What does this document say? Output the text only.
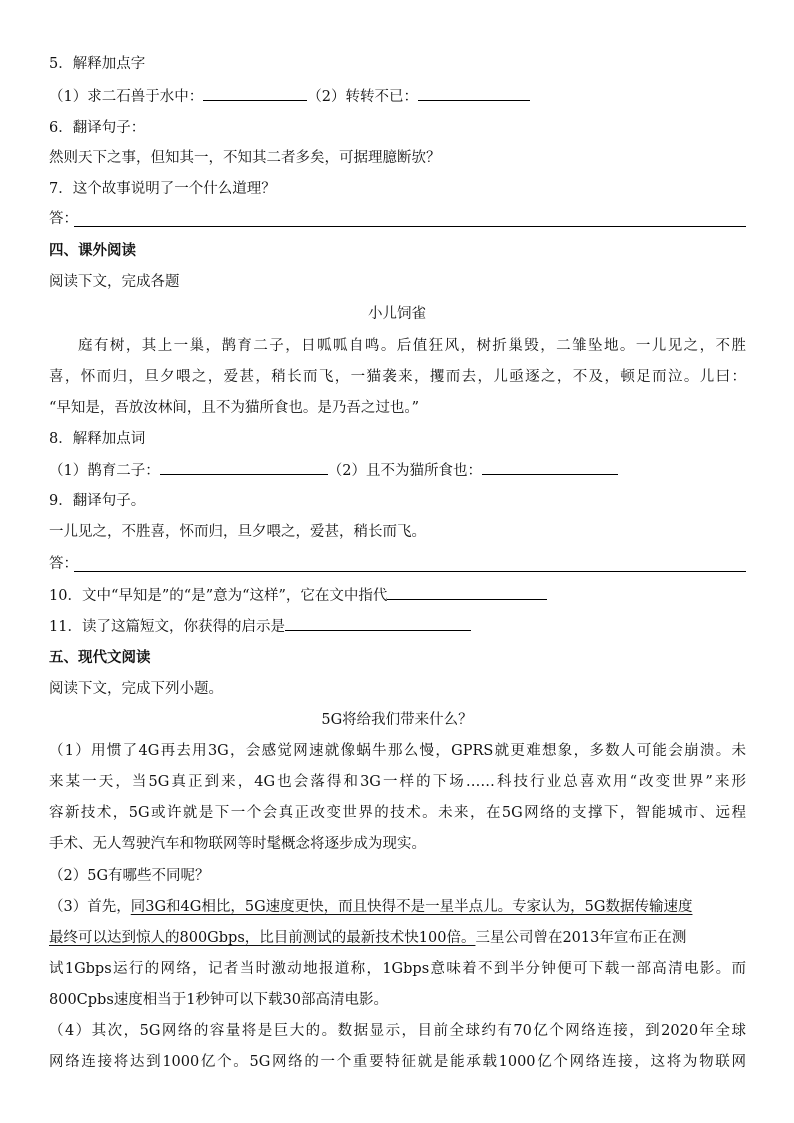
5．解释加点字
（1）求二石兽于水中：	（2）转转不已：
6．翻译句子：
然则天下之事，但知其一，不知其二者多矣，可据理臆断欤？
7．这个故事说明了一个什么道理？
答：
四、课外阅读
阅读下文，完成各题
小儿饲雀
庭有树，其上一巢，鹊育二子，日呱呱自鸣。后值狂风，树折巢毁，二雏坠地。一儿见之，不胜
喜，怀而归，旦夕喂之，爱甚，稍长而飞，一猫袭来，攫而去，儿亟逐之，不及，顿足而泣。儿曰：
“早知是，吾放汝林间，且不为猫所食也。是乃吾之过也。”
8．解释加点词
（1）鹊育二子：	（2）且不为猫所食也：
9．翻译句子。
一儿见之，不胜喜，怀而归，旦夕喂之，爱甚，稍长而飞。
答：
10．文中“早知是”的“是”意为“这样”，它在文中指代
11．读了这篇短文，你获得的启示是
五、现代文阅读
阅读下文，完成下列小题。
5G将给我们带来什么？
（1）用惯了4G再去用3G，会感觉网速就像蜗牛那么慢，GPRS就更难想象，多数人可能会崩溃。未
来某一天，当5G真正到来，4G也会落得和3G一样的下场……科技行业总喜欢用“改变世界”来形
容新技术，5G或许就是下一个会真正改变世界的技术。未来，在5G网络的支撑下，智能城市、远程
手术、无人驾驶汽车和物联网等时髦概念将逐步成为现实。
（2）5G有哪些不同呢？
（3）首先，同3G和4G相比，5G速度更快，而且快得不是一星半点儿。专家认为，5G数据传输速度
最终可以达到惊人的800Gbps，比目前测试的最新技术快100倍。三星公司曾在2013年宣布正在测
试1Gbps运行的网络，记者当时激动地报道称，1Gbps意味着不到半分钟便可下载一部高清电影。而
800Cpbs速度相当于1秒钟可以下载30部高清电影。
（4）其次，5G网络的容量将是巨大的。数据显示，目前全球约有70亿个网络连接，到2020年全球
网络连接将达到1000亿个。5G网络的一个重要特征就是能承载1000亿个网络连接，这将为物联网
